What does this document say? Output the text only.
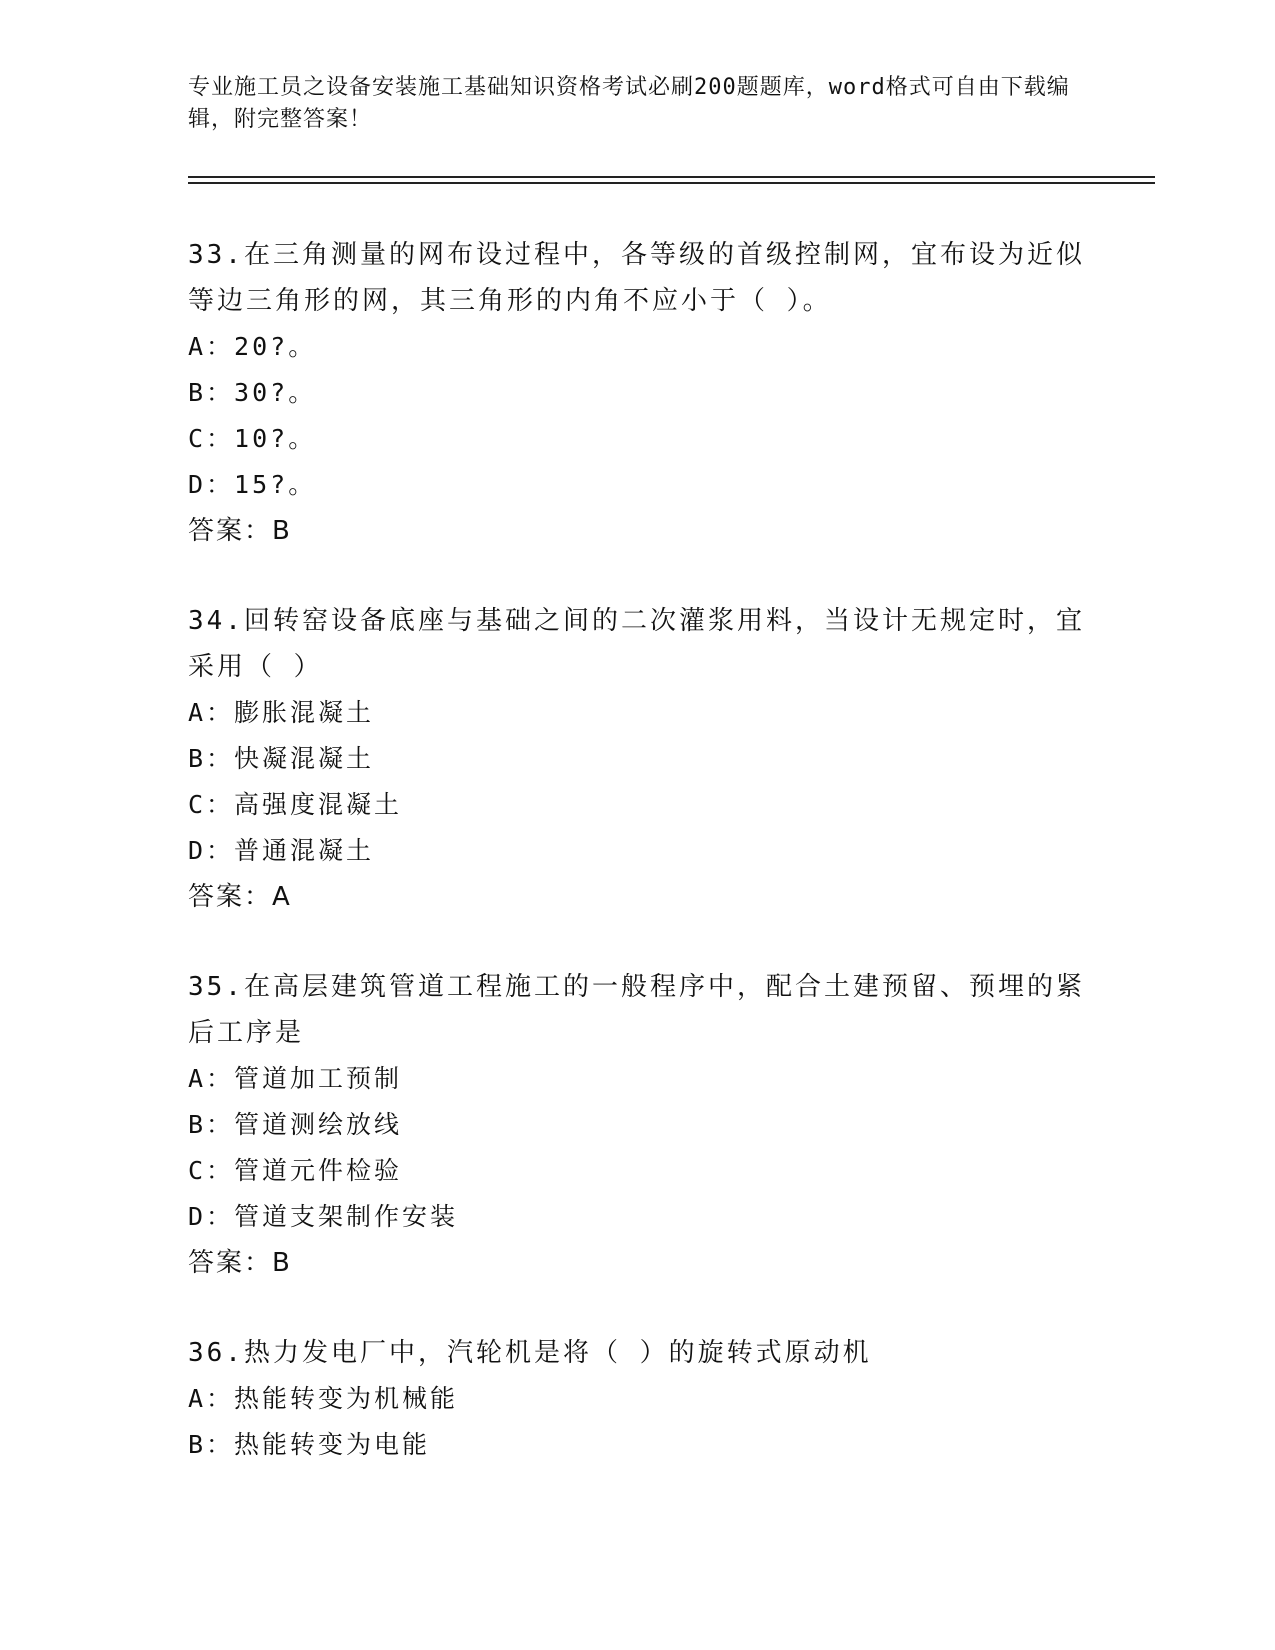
专业施工员之设备安装施工基础知识资格考试必刷200题题库，word格式可自由下载编辑，附完整答案！

33.在三角测量的网布设过程中，各等级的首级控制网，宜布设为近似等边三角形的网，其三角形的内角不应小于（ ）。

A：20?。
B：30?。
C：10?。
D：15?。
答案：B

34.回转窑设备底座与基础之间的二次灌浆用料，当设计无规定时，宜采用（ ）

A：膨胀混凝土
B：快凝混凝土
C：高强度混凝土
D：普通混凝土
答案：A

35.在高层建筑管道工程施工的一般程序中，配合土建预留、预埋的紧后工序是

A：管道加工预制
B：管道测绘放线
C：管道元件检验
D：管道支架制作安装
答案：B

36.热力发电厂中，汽轮机是将（ ）的旋转式原动机

A：热能转变为机械能
B：热能转变为电能
